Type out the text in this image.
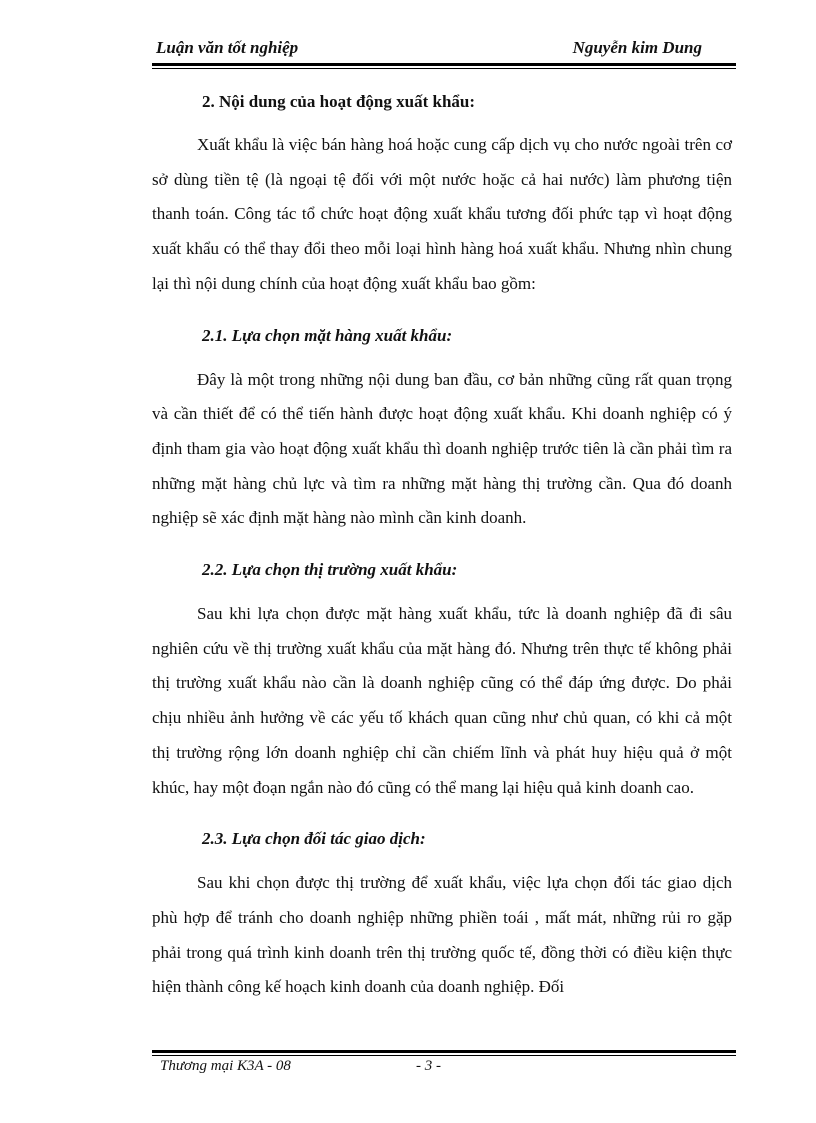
Luận văn tốt nghiệp	Nguyễn kim Dung

2. Nội dung của hoạt động xuất khẩu:

Xuất khẩu là việc bán hàng hoá hoặc cung cấp dịch vụ cho nước ngoài trên cơ sở dùng tiền tệ (là ngoại tệ đối với một nước hoặc cả hai nước) làm phương tiện thanh toán. Công tác tổ chức hoạt động xuất khẩu tương đối phức tạp vì hoạt động xuất khẩu có thể thay đổi theo mỗi loại hình hàng hoá xuất khẩu. Nhưng nhìn chung lại thì nội dung chính của hoạt động xuất khẩu bao gồm:

2.1. Lựa chọn mặt hàng xuất khẩu:

Đây là một trong những nội dung ban đầu, cơ bản những cũng rất quan trọng và cần thiết để có thể tiến hành được hoạt động xuất khẩu. Khi doanh nghiệp có ý định tham gia vào hoạt động xuất khẩu thì doanh nghiệp trước tiên là cần phải tìm ra những mặt hàng chủ lực và tìm ra những mặt hàng thị trường cần. Qua đó doanh nghiệp sẽ xác định mặt hàng nào mình cần kinh doanh.

2.2. Lựa chọn thị trường xuất khẩu:

Sau khi lựa chọn được mặt hàng xuất khẩu, tức là doanh nghiệp đã đi sâu nghiên cứu về thị trường xuất khẩu của mặt hàng đó. Nhưng trên thực tế không phải thị trường xuất khẩu nào cần là doanh nghiệp cũng có thể đáp ứng được. Do phải chịu nhiều ảnh hưởng về các yếu tố khách quan cũng như chủ quan, có khi cả một thị trường rộng lớn doanh nghiệp chỉ cần chiếm lĩnh và phát huy hiệu quả ở một khúc, hay một đoạn ngắn nào đó cũng có thể mang lại hiệu quả kinh doanh cao.

2.3. Lựa chọn đối tác giao dịch:

Sau khi chọn được thị trường để xuất khẩu, việc lựa chọn đối tác giao dịch phù hợp để tránh cho doanh nghiệp những phiền toái , mất mát, những rủi ro gặp phải trong quá trình kinh doanh trên thị trường quốc tế, đồng thời có điều kiện thực hiện thành công kế hoạch kinh doanh của doanh nghiệp. Đối

Thương mại K3A - 08	- 3 -
